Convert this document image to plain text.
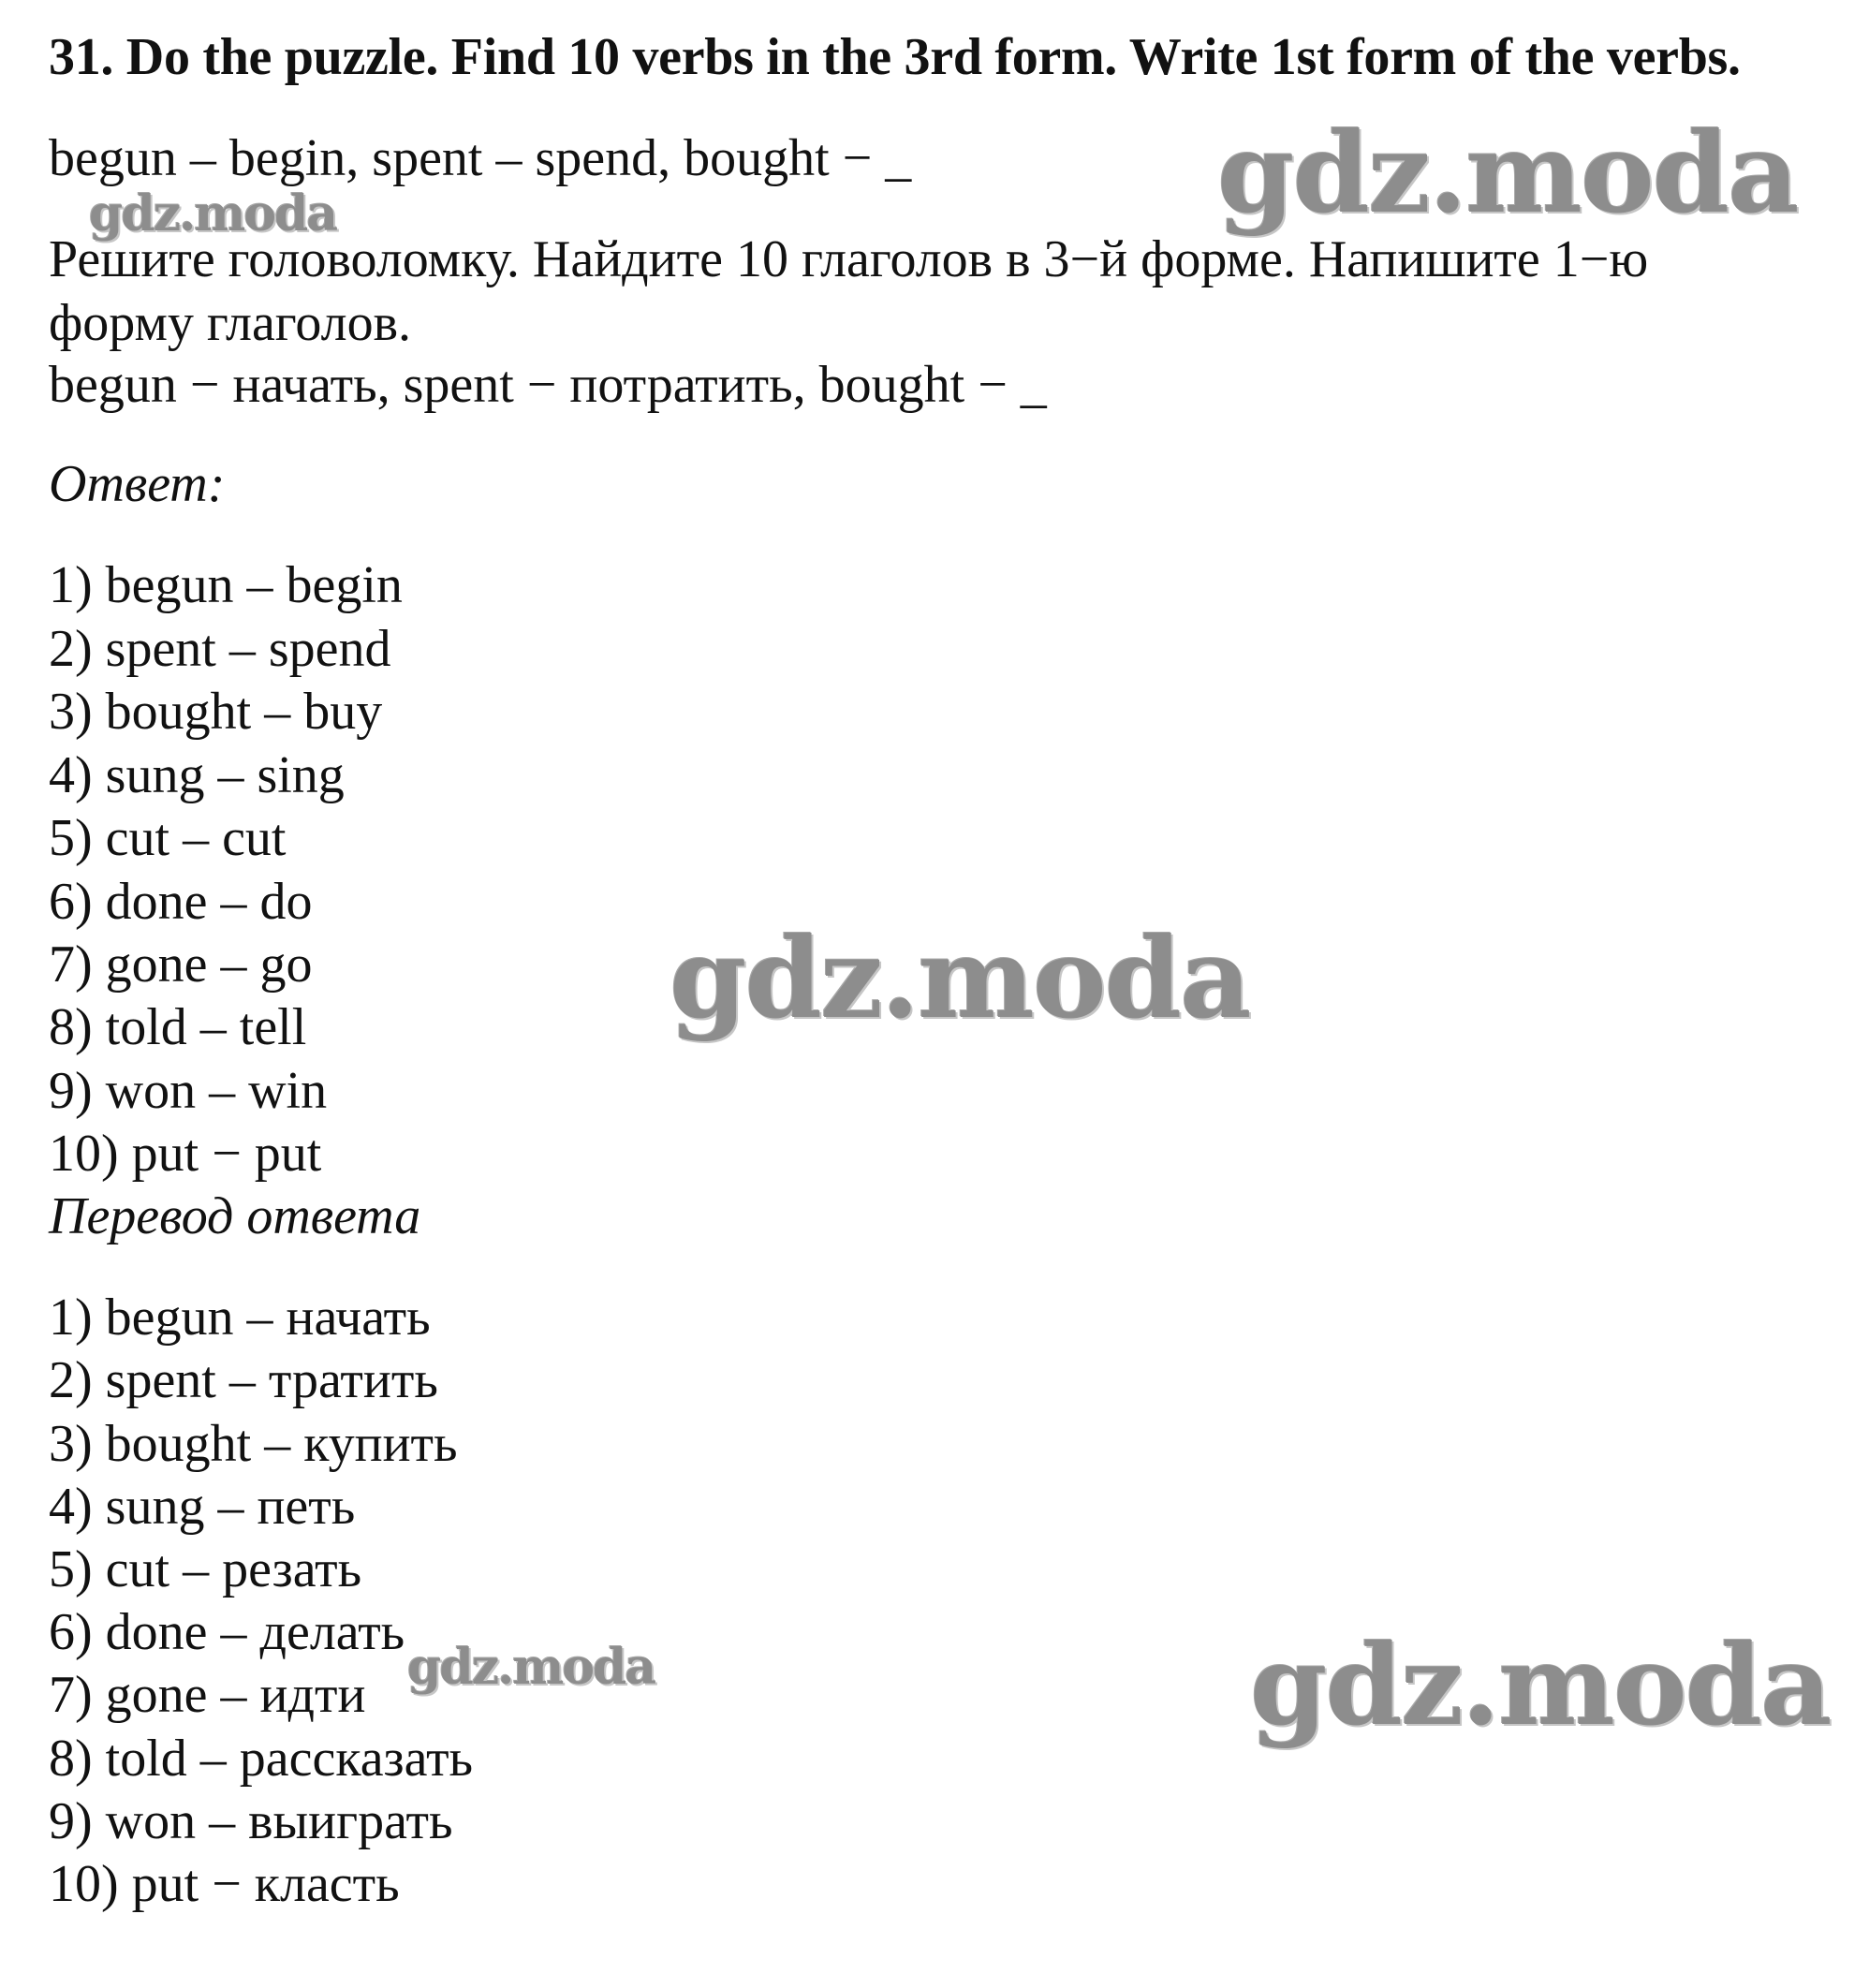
31. Do the puzzle. Find 10 verbs in the 3rd form. Write 1st form of the verbs.
begun – begin, spent – spend, bought − _
Решите головоломку. Найдите 10 глаголов в 3−й форме. Напишите 1−ю
форму глаголов.
begun − начать, spent − потратить, bought − _
Ответ:
1) begun – begin
2) spent – spend
3) bought – buy
4) sung – sing
5) cut – cut
6) done – do
7) gone – go
8) told – tell
9) won – win
10) put − put
Перевод ответа
1) begun – начать
2) spent – тратить
3) bought – купить
4) sung – петь
5) cut – резать
6) done – делать
7) gone – идти
8) told – рассказать
9) won – выиграть
10) put − класть
gdz.moda
gdz.moda
gdz.moda
gdz.moda	gdz.moda
